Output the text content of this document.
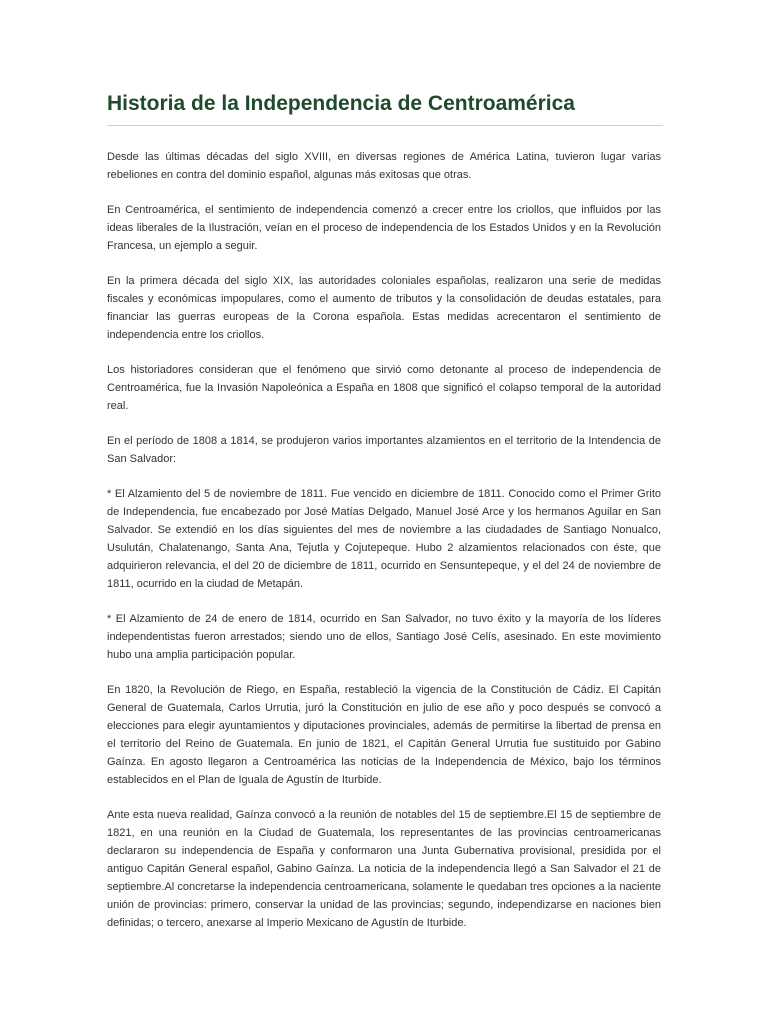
Historia de la Independencia de Centroamérica

Desde las últimas décadas del siglo XVIII, en diversas regiones de América Latina, tuvieron lugar varias rebeliones en contra del dominio español, algunas más exitosas que otras.

En Centroamérica, el sentimiento de independencia comenzó a crecer entre los criollos, que influidos por las ideas liberales de la Ilustración, veían en el proceso de independencia de los Estados Unidos y en la Revolución Francesa, un ejemplo a seguir.

En la primera década del siglo XIX, las autoridades coloniales españolas, realizaron una serie de medidas fiscales y económicas impopulares, como el aumento de tributos y la consolidación de deudas estatales, para financiar las guerras europeas de la Corona española. Estas medidas acrecentaron el sentimiento de independencia entre los criollos.

Los historiadores consideran que el fenómeno que sirvió como detonante al proceso de independencia de Centroamérica, fue la Invasión Napoleónica a España en 1808 que significó el colapso temporal de la autoridad real.

En el período de 1808 a 1814, se produjeron varios importantes alzamientos en el territorio de la Intendencia de San Salvador:

* El Alzamiento del 5 de noviembre de 1811. Fue vencido en diciembre de 1811. Conocido como el Primer Grito de Independencia, fue encabezado por José Matías Delgado, Manuel José Arce y los hermanos Aguilar en San Salvador. Se extendió en los días siguientes del mes de noviembre a las ciudadades de Santiago Nonualco, Usulután, Chalatenango, Santa Ana, Tejutla y Cojutepeque. Hubo 2 alzamientos relacionados con éste, que adquirieron relevancia, el del 20 de diciembre de 1811, ocurrido en Sensuntepeque, y el del 24 de noviembre de 1811, ocurrido en la ciudad de Metapán.

* El Alzamiento de 24 de enero de 1814, ocurrido en San Salvador, no tuvo éxito y la mayoría de los líderes independentistas fueron arrestados; siendo uno de ellos, Santiago José Celís, asesinado. En este movimiento hubo una amplia participación popular.

En 1820, la Revolución de Riego, en España, restableció la vigencia de la Constitución de Cádiz. El Capitán General de Guatemala, Carlos Urrutia, juró la Constitución en julio de ese año y poco después se convocó a elecciones para elegir ayuntamientos y diputaciones provinciales, además de permitirse la libertad de prensa en el territorio del Reino de Guatemala. En junio de 1821, el Capitán General Urrutia fue sustituido por Gabino Gaínza. En agosto llegaron a Centroamérica las noticias de la Independencia de México, bajo los términos establecidos en el Plan de Iguala de Agustín de Iturbide.

Ante esta nueva realidad, Gaínza convocó a la reunión de notables del 15 de septiembre.El 15 de septiembre de 1821, en una reunión en la Ciudad de Guatemala, los representantes de las provincias centroamericanas declararon su independencia de España y conformaron una Junta Gubernativa provisional, presidida por el antiguo Capitán General español, Gabino Gaínza. La noticia de la independencia llegó a San Salvador el 21 de septiembre.Al concretarse la independencia centroamericana, solamente le quedaban tres opciones a la naciente unión de provincias: primero, conservar la unidad de las provincias; segundo, independizarse en naciones bien definidas; o tercero, anexarse al Imperio Mexicano de Agustín de Iturbide.
